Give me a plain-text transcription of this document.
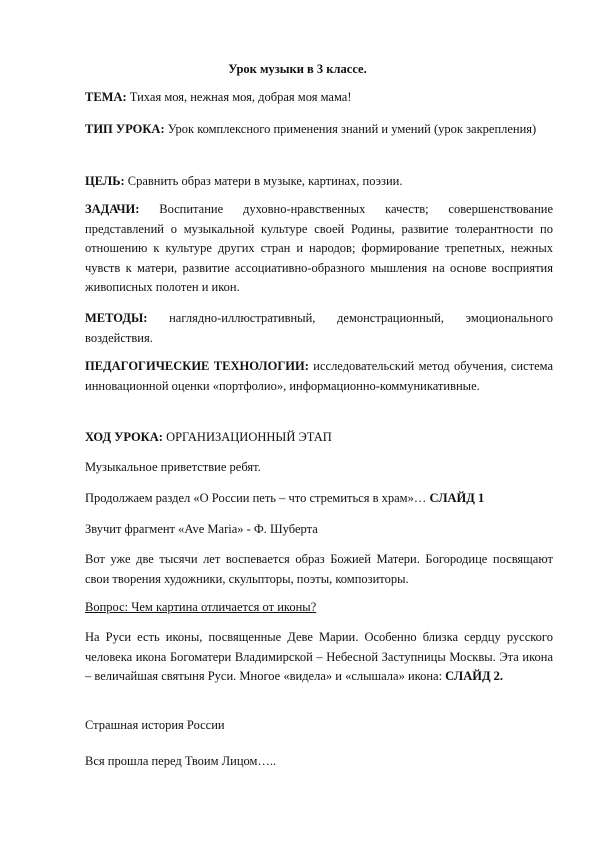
Урок музыки в 3 классе.
ТЕМА: Тихая моя, нежная моя, добрая моя мама!
ТИП УРОКА: Урок комплексного применения знаний и умений (урок закрепления)
ЦЕЛЬ: Сравнить образ матери в музыке, картинах, поэзии.
ЗАДАЧИ: Воспитание духовно-нравственных качеств; совершенствование представлений о музыкальной культуре своей Родины, развитие толерантности по отношению к культуре других стран и народов; формирование трепетных, нежных чувств к матери, развитие ассоциативно-образного мышления на основе восприятия живописных полотен и икон.
МЕТОДЫ: наглядно-иллюстративный, демонстрационный, эмоционального воздействия.
ПЕДАГОГИЧЕСКИЕ ТЕХНОЛОГИИ: исследовательский метод обучения, система инновационной оценки «портфолио», информационно-коммуникативные.
ХОД УРОКА: ОРГАНИЗАЦИОННЫЙ ЭТАП
Музыкальное приветствие ребят.
Продолжаем раздел «О России петь – что стремиться в храм»… СЛАЙД 1
Звучит фрагмент «Ave Maria» - Ф. Шуберта
Вот уже две тысячи лет воспевается образ Божией Матери. Богородице посвящают свои творения художники, скульпторы, поэты, композиторы.
Вопрос: Чем картина отличается от иконы?
На Руси есть иконы, посвященные Деве Марии. Особенно близка сердцу русского человека икона Богоматери Владимирской – Небесной Заступницы Москвы. Эта икона – величайшая святыня Руси. Многое «видела» и «слышала» икона: СЛАЙД 2.
Страшная история России
Вся прошла перед Твоим Лицом…..
